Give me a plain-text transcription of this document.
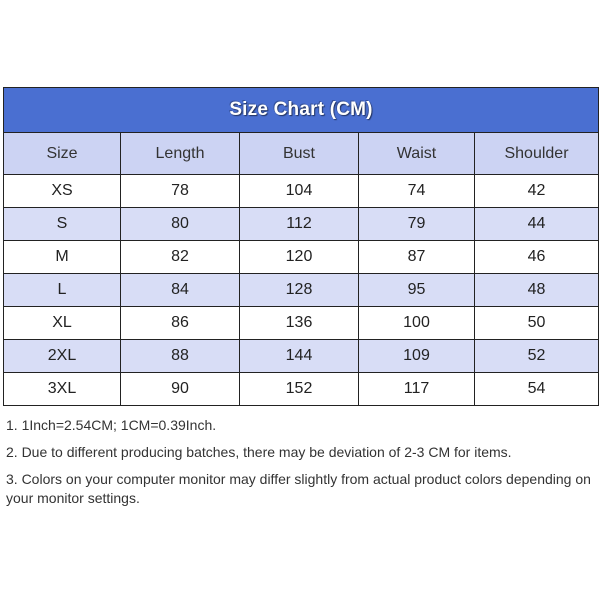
Size Chart (CM)				
Size	Length	Bust	Waist	Shoulder
XS	78	104	74	42
S	80	112	79	44
M	82	120	87	46
L	84	128	95	48
XL	86	136	100	50
2XL	88	144	109	52
3XL	90	152	117	54

1. 1Inch=2.54CM; 1CM=0.39Inch.

2. Due to different producing batches, there may be deviation of 2-3 CM for items.

3. Colors on your computer monitor may differ slightly from actual product colors depending on your monitor settings.
